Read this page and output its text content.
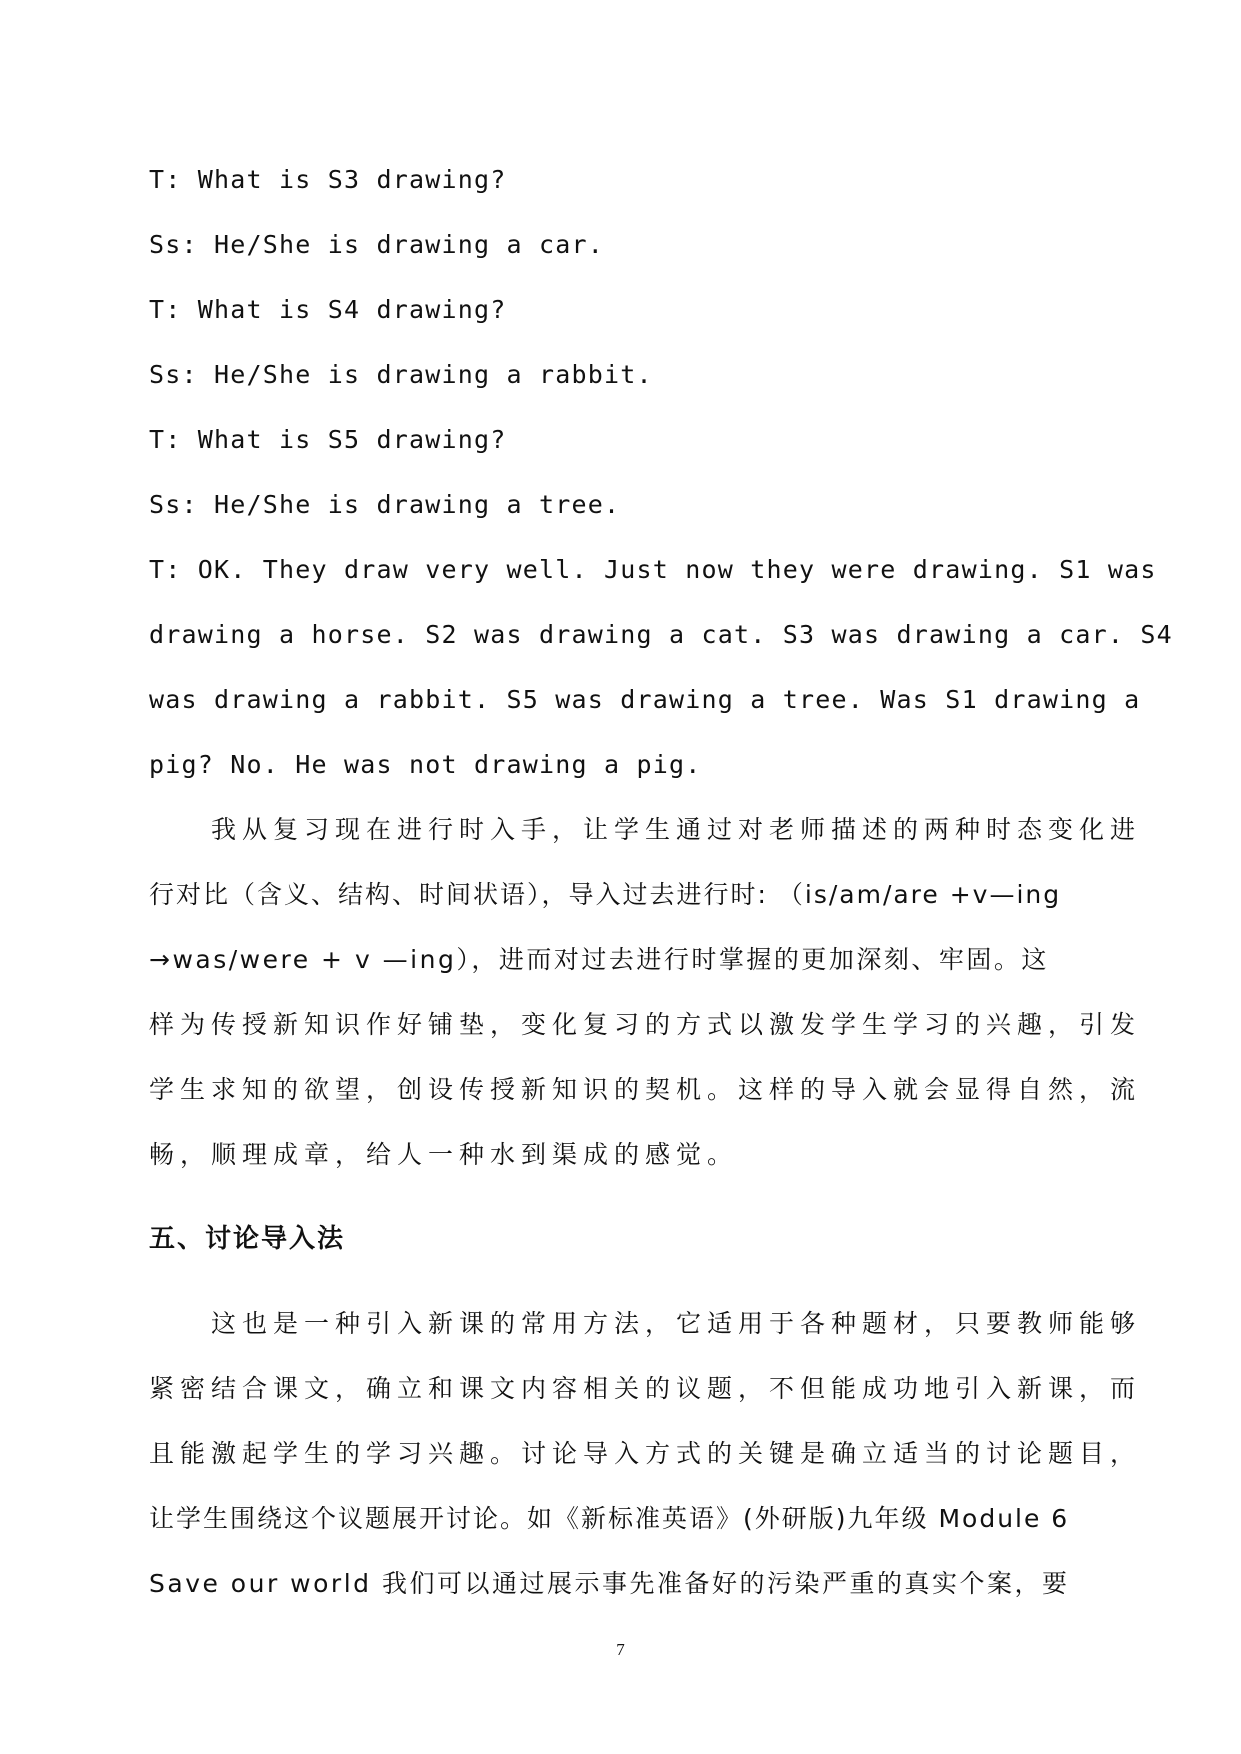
T: What is S3 drawing?
Ss: He/She is drawing a car.
T: What is S4 drawing?
Ss: He/She is drawing a rabbit.
T: What is S5 drawing?
Ss: He/She is drawing a tree.
T: OK. They draw very well. Just now they were drawing. S1 was
drawing a horse. S2 was drawing a cat. S3 was drawing a car. S4
was drawing a rabbit. S5 was drawing a tree. Was S1 drawing a
pig? No. He was not drawing a pig.
　　我从复习现在进行时入手，让学生通过对老师描述的两种时态变化进
行对比（含义、结构、时间状语），导入过去进行时: （is/am/are +v—ing
→was/were + v —ing），进而对过去进行时掌握的更加深刻、牢固。这
样为传授新知识作好铺垫，变化复习的方式以激发学生学习的兴趣，引发
学生求知的欲望，创设传授新知识的契机。这样的导入就会显得自然，流
畅，顺理成章，给人一种水到渠成的感觉。
五、讨论导入法
　　这也是一种引入新课的常用方法，它适用于各种题材，只要教师能够
紧密结合课文，确立和课文内容相关的议题，不但能成功地引入新课，而
且能激起学生的学习兴趣。讨论导入方式的关键是确立适当的讨论题目，
让学生围绕这个议题展开讨论。如《新标准英语》(外研版)九年级 Module 6
Save our world 我们可以通过展示事先准备好的污染严重的真实个案，要
7
